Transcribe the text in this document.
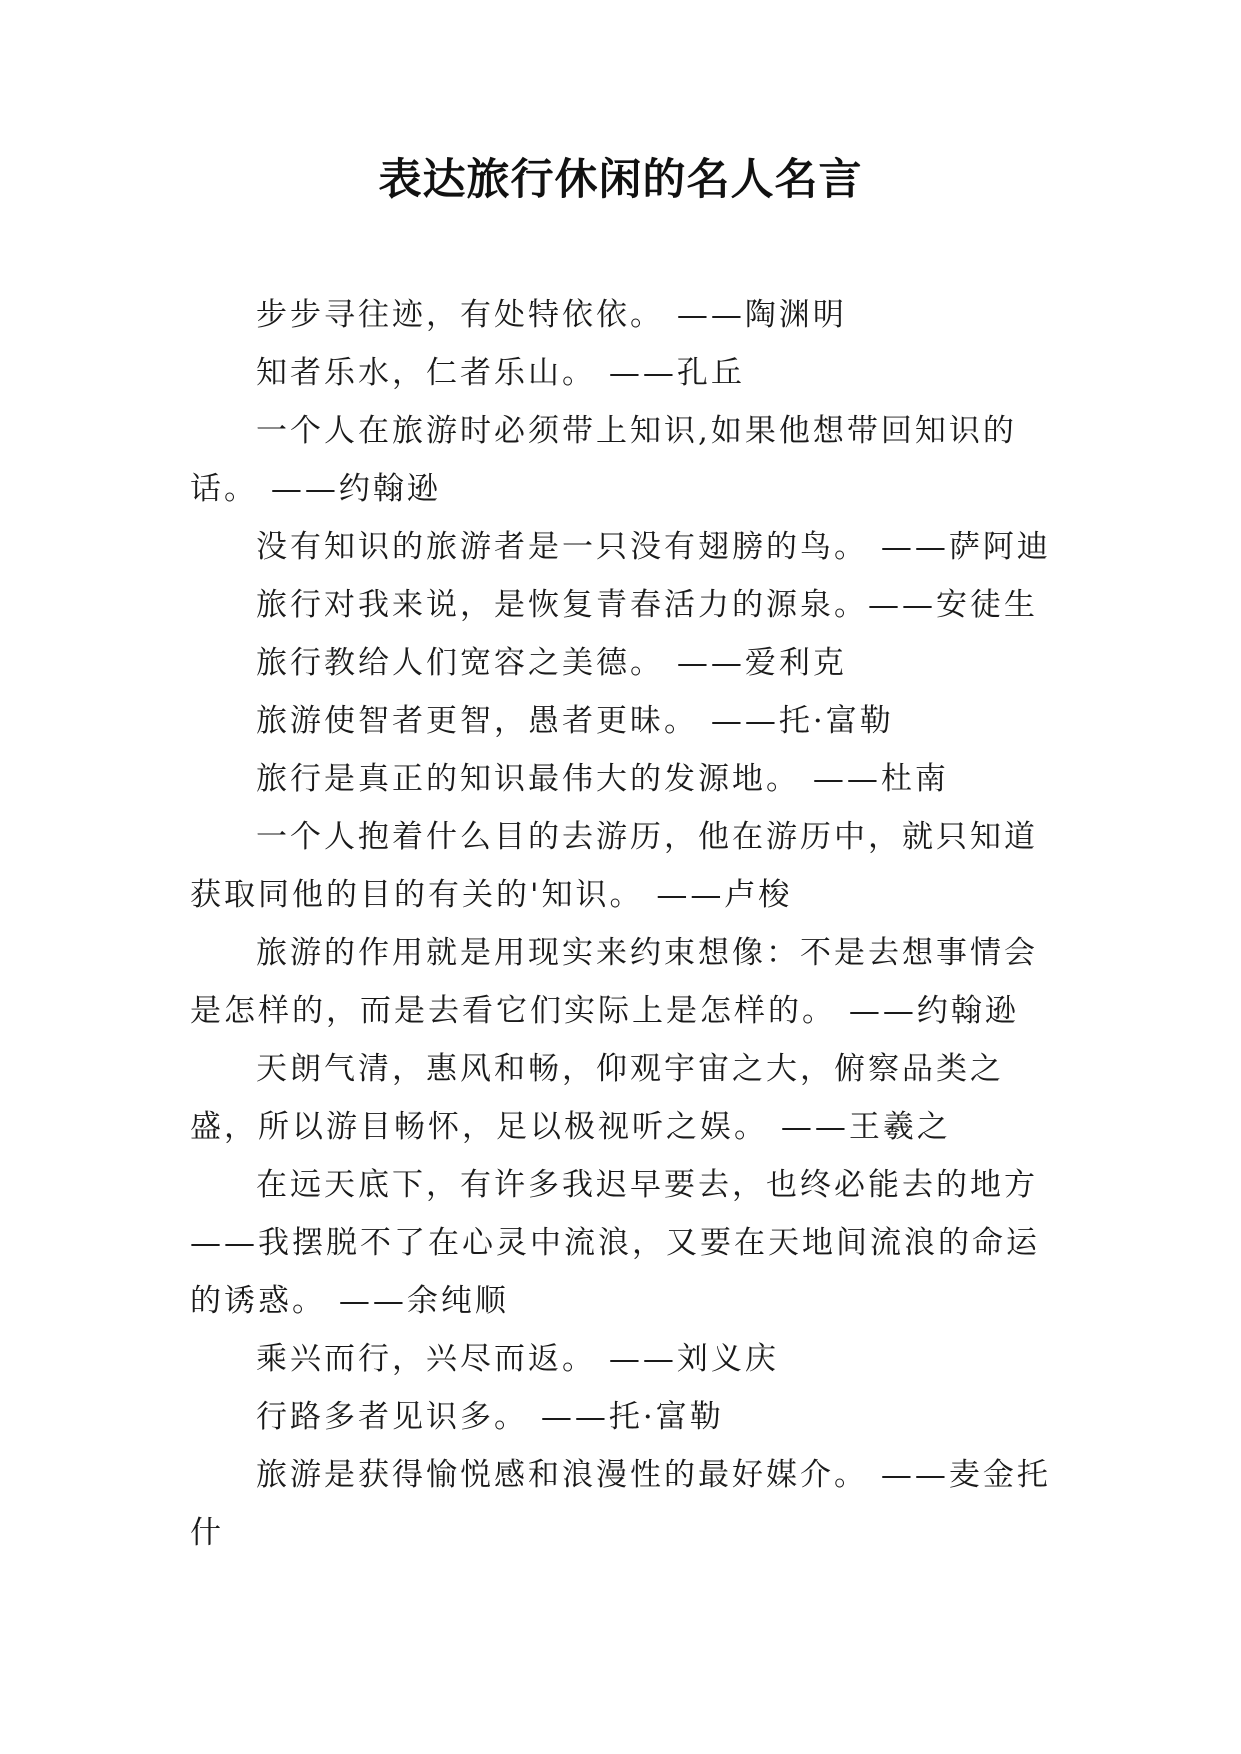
表达旅行休闲的名人名言

步步寻往迹，有处特依依。 ——陶渊明

知者乐水，仁者乐山。 ——孔丘

一个人在旅游时必须带上知识,如果他想带回知识的话。 ——约翰逊

没有知识的旅游者是一只没有翅膀的鸟。 ——萨阿迪

旅行对我来说，是恢复青春活力的源泉。——安徒生

旅行教给人们宽容之美德。 ——爱利克

旅游使智者更智，愚者更昧。 ——托·富勒

旅行是真正的知识最伟大的发源地。 ——杜南

一个人抱着什么目的去游历，他在游历中，就只知道获取同他的目的有关的'知识。 ——卢梭

旅游的作用就是用现实来约束想像：不是去想事情会是怎样的，而是去看它们实际上是怎样的。 ——约翰逊

天朗气清，惠风和畅，仰观宇宙之大，俯察品类之盛，所以游目畅怀，足以极视听之娱。 ——王羲之

在远天底下，有许多我迟早要去，也终必能去的地方——我摆脱不了在心灵中流浪，又要在天地间流浪的命运的诱惑。 ——余纯顺

乘兴而行，兴尽而返。 ——刘义庆

行路多者见识多。 ——托·富勒

旅游是获得愉悦感和浪漫性的最好媒介。 ——麦金托什
